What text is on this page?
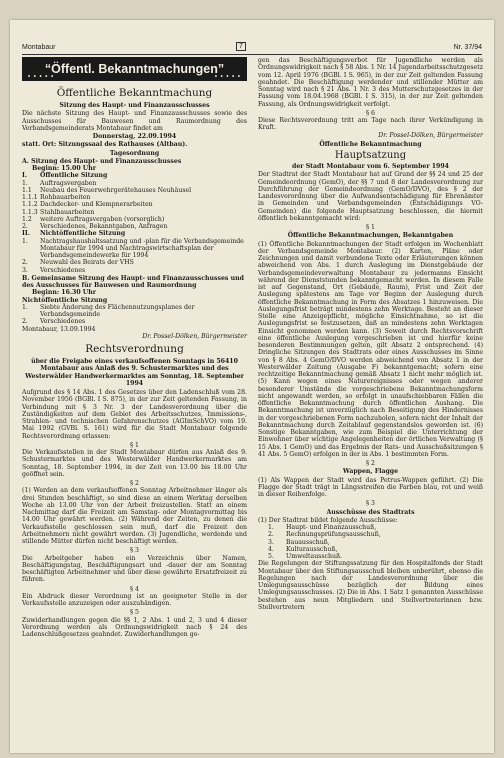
Montabaur	7	Nr. 37/94
• • • • •
“Öffentl. Bekanntmachungen”
• • • • •
Öffentliche Bekanntmachung
Sitzung des Haupt- und Finanzausschusses

Die nächste Sitzung des Haupt- und Finanzausschusses sowie des Ausschusses für Bauwesen und Raumordnung des Verbandsgemeinderats Montabaur findet am

Donnerstag, 22.09.1994

statt. Ort: Sitzungssaal des Rathauses (Altbau).

Tagesordnung

A. Sitzung des Haupt- und Finanzausschusses

Beginn: 15.00 Uhr

I.	Öffentliche Sitzung
1.	Auftragsvergaben
1.1	Neubau des Feuerwehrgerätehauses Neuhäusel
1.1.1 Rohbauarbeiten
1.1.2 Dachdecker- und Klempnerarbeiten
1.1.3 Stahlbauarbeiten
1.2	weitere Auftragsvergaben (vorsorglich)
2.	Verschiedenes, Bekanntgaben, Anfragen
II.	Nichtöffentliche Sitzung
1.	Nachtragshaushaltssatzung und -plan für die Verbandsgemeinde Montabaur für 1994 und Nachtragswirtschaftsplan der Verbandsgemeindewerke für 1994
2.	Neuwahl des Beirats der VHS
3.	Verschiedenes

B. Gemeinsame Sitzung des Haupt- und Finanzausschusses und des Ausschusses für Bauwesen und Raumordnung

Beginn: 16.30 Uhr

Nichtöffentliche Sitzung

1.	Siebte Änderung des Flächennutzungsplanes der Verbandsgemeinde
2.	Verschiedenes

Montabaur, 13.09.1994

Dr. Possel-Dölken, Bürgermeister

Rechtsverordnung

über die Freigabe eines verkaufsoffenen Sonntags in 56410 Montabaur aus Anlaß des 9. Schustermarktes und des Westerwälder Handwerkermarktes am Sonntag, 18. September 1994

Aufgrund des § 14 Abs. 1 des Gesetzes über den Ladenschluß vom 28. November 1956 (BGBl. I S. 875), in der zur Zeit geltenden Fassung, in Verbindung mit § 3 Nr. 3 der Landesverordnung über die Zuständigkeiten auf dem Gebiet des Arbeitsschutzes, Immissions-, Strahlen- und technischen Gefahrenschutzes (AGImSchVO) vom 19. Mai 1992 (GVBl. S. 161) wird für die Stadt Montabaur folgende Rechtsverordnung erlassen:

§ 1

Die Verkaufsstellen in der Stadt Montabaur dürfen aus Anlaß des 9. Schustermarktes und des Westerwälder Handwerkermarktes am Sonntag, 18. September 1994, in der Zeit von 13.00 bis 18.00 Uhr geöffnet sein.

§ 2

(1) Werden an dem verkaufsoffenen Sonntag Arbeitnehmer länger als drei Stunden beschäftigt, so sind diese an einem Werktag derselben Woche ab 13.00 Uhr von der Arbeit freizustellen. Statt an einem Nachmittag darf die Freizeit am Samstag- oder Montagvormittag bis 14.00 Uhr gewährt werden. (2) Während der Zeiten, zu denen die Verkaufsstelle geschlossen sein muß, darf die Freizeit den Arbeitnehmern nicht gewährt werden. (3) Jugendliche, werdende und stillende Mütter dürfen nicht beschäftigt werden.

§ 3

Die Arbeitgeber haben ein Verzeichnis über Namen, Beschäftigungstag, Beschäftigungsart und -dauer der am Sonntag beschäftigten Arbeitnehmer und über diese gewährte Ersatzfreizeit zu führen.

§ 4

Ein Abdruck dieser Verordnung ist an geeigneter Stelle in der Verkaufsstelle anzuzeigen oder auszuhändigen.

§ 5

Zuwiderhandlungen gegen die §§ 1, 2 Abs. 1 und 2, 3 und 4 dieser Verordnung werden als Ordnungswidrigkeit nach § 24 des Ladenschlußgesetzes geahndet. Zuwiderhandlungen ge-

gen das Beschäftigungsverbot für Jugendliche werden als Ordnungswidrigkeit nach § 58 Abs. 1 Nr. 14 Jugendarbeitsschutzgesetz vom 12. April 1976 (BGBl. I S. 965), in der zur Zeit geltenden Fassung geahndet. Die Beschäftigung werdender und stillender Mütter am Sonntag wird nach § 21 Abs. 1 Nr. 3 des Mutterschutzgesetzes in der Fassung vom 18.04.1968 (BGBl. I S. 315), in der zur Zeit geltenden Fassung, als Ordnungswidrigkeit verfolgt.

§ 6

Diese Rechtsverordnung tritt am Tage nach ihrer Verkündigung in Kraft.

Dr. Possel-Dölken, Bürgermeister

Öffentliche Bekanntmachung
Hauptsatzung
der Stadt Montabaur vom 6. September 1994

Der Stadtrat der Stadt Montabaur hat auf Grund der §§ 24 und 25 der Gemeindeordnung (GemO), der §§ 7 und 8 der Landesverordnung zur Durchführung der Gemeindeordnung (GemO/DVO), des § 2 der Landesverordnung über die Aufwandsentschädigung für Ehrenämter in Gemeinden und Verbandsgemeinden (Entschädigungs VO-Gemeinden) die folgende Hauptsatzung beschlossen, die hiermit öffentlich bekanntgemacht wird:

§ 1
Öffentliche Bekanntmachungen, Bekanntgaben

(1) Öffentliche Bekanntmachungen der Stadt erfolgen im Wochenblatt der Verbandsgemeinde Montabaur. (2) Karten, Pläne oder Zeichnungen und damit verbundene Texte oder Erläuterungen können abweichend von Abs. 1 durch Auslegung im Dienstgebäude der Verbandsgemeindeverwaltung Montabaur zu jedermanns Einsicht während der Dienststunden bekanntgemacht werden. In diesem Falle ist auf Gegenstand, Ort (Gebäude, Raum), Frist und Zeit der Auslegung spätestens am Tage vor Beginn der Auslegung durch öffentliche Bekanntmachung in Form des Absatzes 1 hinzuweisen. Die Auslegungsfrist beträgt mindestens zehn Werktage. Besteht an dieser Stelle eine Anzeigepflicht, mögliche Einsichtnahme, so ist die Auslegungsfrist so festzusetzen, daß an mindestens zehn Werktagen Einsicht genommen werden kann. (3) Soweit durch Rechtsvorschrift eine öffentliche Auslegung vorgeschrieben ist und hierfür keine besonderen Bestimmungen gelten, gilt Absatz 2 entsprechend. (4) Dringliche Sitzungen des Stadtrats oder eines Ausschusses im Sinne von § 8 Abs. 4 GemO/DVO werden abweichend von Absatz 1 in der Westerwälder Zeitung (Ausgabe F) bekanntgemacht; sofern eine rechtzeitige Bekanntmachung gemäß Absatz 1 nicht mehr möglich ist. (5) Kann wegen eines Naturereignisses oder wegen anderer besonderer Umstände die vorgeschriebene Bekanntmachungsform nicht angewandt werden, so erfolgt in unaufschiebbaren Fällen die öffentliche Bekanntmachung durch öffentlichen Aushang. Die Bekanntmachung ist unverzüglich nach Beseitigung des Hindernisses in der vorgeschriebenen Form nachzuholen, sofern nicht der Inhalt der Bekanntmachung durch Zeitablauf gegenstandslos geworden ist. (6) Sonstige Bekanntgaben, wie zum Beispiel die Unterrichtung der Einwohner über wichtige Angelegenheiten der örtlichen Verwaltung (§ 15 Abs. 1 GemO) und das Ergebnis der Rats- und Ausschußsitzungen § 41 Abs. 5 GemO) erfolgen in der in Abs. 1 bestimmten Form.

§ 2
Wappen, Flagge

(1) Als Wappen der Stadt wird das Petrus-Wappen geführt. (2) Die Flagge der Stadt trägt in Längsstreifen die Farben blau, rot und weiß in dieser Reihenfolge.

§ 3
Ausschüsse des Stadtrats

(1) Der Stadtrat bildet folgende Ausschüsse:

1.	Haupt- und Finanzausschuß,
2.	Rechnungsprüfungsausschuß,
3.	Bauausschuß,
4.	Kulturausschuß,
5.	Umweltausschuß.

Die Regelungen der Stiftungssatzung für den Hospitalfonds der Stadt Montabaur über den Stiftungsausschuß bleiben unberührt, ebenso die Regelungen nach der Landesverordnung über die Umlegungsausschüsse bezüglich der Bildung eines Umlegungsausschusses. (2) Die in Abs. 1 Satz 1 genannten Ausschüsse bestehen aus neun Mitgliedern und Stellvertreterinnen bzw. Stellvertretern
